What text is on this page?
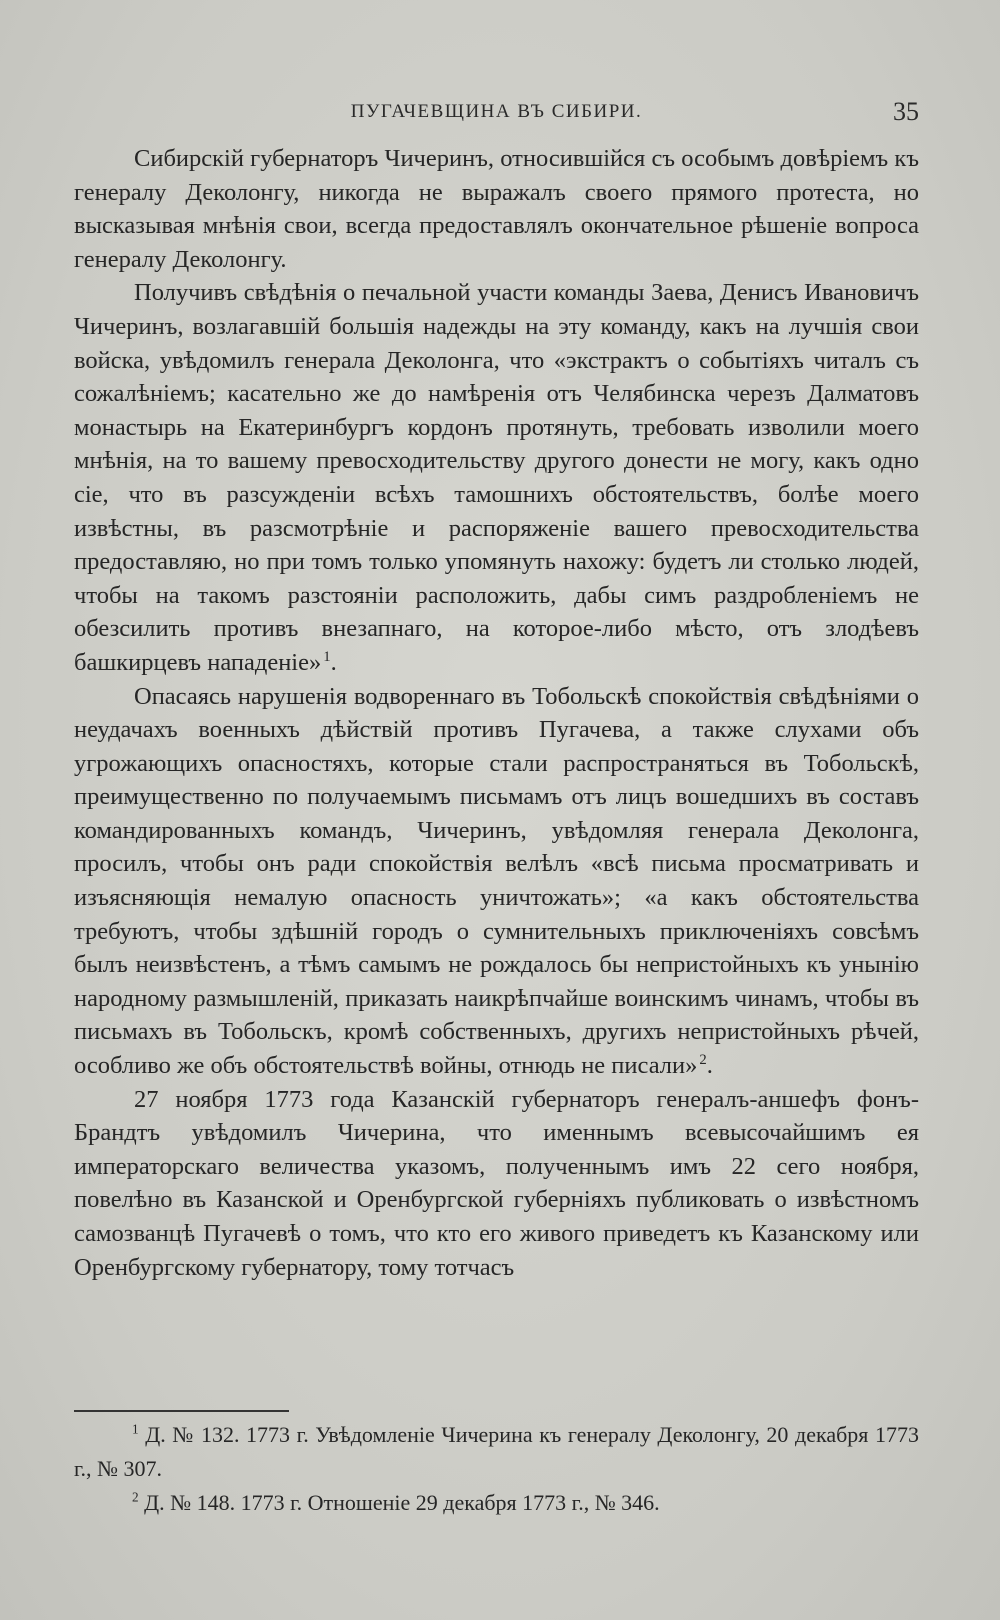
ПУГАЧЕВЩИНА ВЪ СИБИРИ.	35

Сибирскiй губернаторъ Чичеринъ, относившiйся съ особымъ довѣрiемъ къ генералу Деколонгу, никогда не выражалъ своего прямого протеста, но высказывая мнѣнiя свои, всегда предоставлялъ окончательное рѣшенiе вопроса генералу Деколонгу.

Получивъ свѣдѣнiя о печальной участи команды Заева, Денисъ Ивановичъ Чичеринъ, возлагавшiй большiя надежды на эту команду, какъ на лучшiя свои войска, увѣдомилъ генерала Деколонга, что «экстрактъ о событiяхъ читалъ съ сожалѣнiемъ; касательно же до намѣренiя отъ Челябинска черезъ Далматовъ монастырь на Екатеринбургъ кордонъ протянуть, требовать изволили моего мнѣнiя, на то вашему превосходительству другого донести не могу, какъ одно сiе, что въ разсужденiи всѣхъ тамошнихъ обстоятельствъ, болѣе моего извѣстны, въ разсмотрѣнiе и распоряженiе вашего превосходительства предоставляю, но при томъ только упомянуть нахожу: будетъ ли столько людей, чтобы на такомъ разстоянiи расположить, дабы симъ раздробленiемъ не обезсилить противъ внезапнаго, на которое-либо мѣсто, отъ злодѣевъ башкирцевъ нападенiе»  $^1$.

Опасаясь нарушенiя водвореннаго въ Тобольскѣ спокойствiя свѣдѣнiями о неудачахъ военныхъ дѣйствiй противъ Пугачева, а также слухами объ угрожающихъ опасностяхъ, которые стали распространяться въ Тобольскѣ, преимущественно по получаемымъ письмамъ отъ лицъ вошедшихъ въ составъ командированныхъ командъ, Чичеринъ, увѣдомляя генерала Деколонга, просилъ, чтобы онъ ради спокойствiя велѣлъ «всѣ письма просматривать и изъясняющiя немалую опасность уничтожать»; «а какъ обстоятельства требуютъ, чтобы здѣшнiй городъ о сумнительныхъ приключенiяхъ совсѣмъ былъ неизвѣстенъ, а тѣмъ самымъ не рождалось бы непристойныхъ къ унынiю народному размышленiй, приказать наикрѣпчайше воинскимъ чинамъ, чтобы въ письмахъ въ Тобольскъ, кромѣ собственныхъ, другихъ непристойныхъ рѣчей, особливо же объ обстоятельствѣ войны, отнюдь не писали»  $^2$.

27 ноября 1773 года Казанскiй губернаторъ генералъ-аншефъ фонъ-Брандтъ увѣдомилъ Чичерина, что именнымъ всевысочайшимъ ея императорскаго величества указомъ, полученнымъ имъ 22 сего ноября, повелѣно въ Казанской и Оренбургской губернiяхъ публиковать о извѣстномъ самозванцѣ Пугачевѣ о томъ, что кто его живого приведетъ къ Казанскому или Оренбургскому губернатору, тому тотчасъ

$^1$ Д. № 132. 1773 г. Увѣдомленiе Чичерина къ генералу Деколонгу, 20 декабря 1773 г., № 307.

$^2$ Д. № 148. 1773 г. Отношенiе 29 декабря 1773 г., № 346.
